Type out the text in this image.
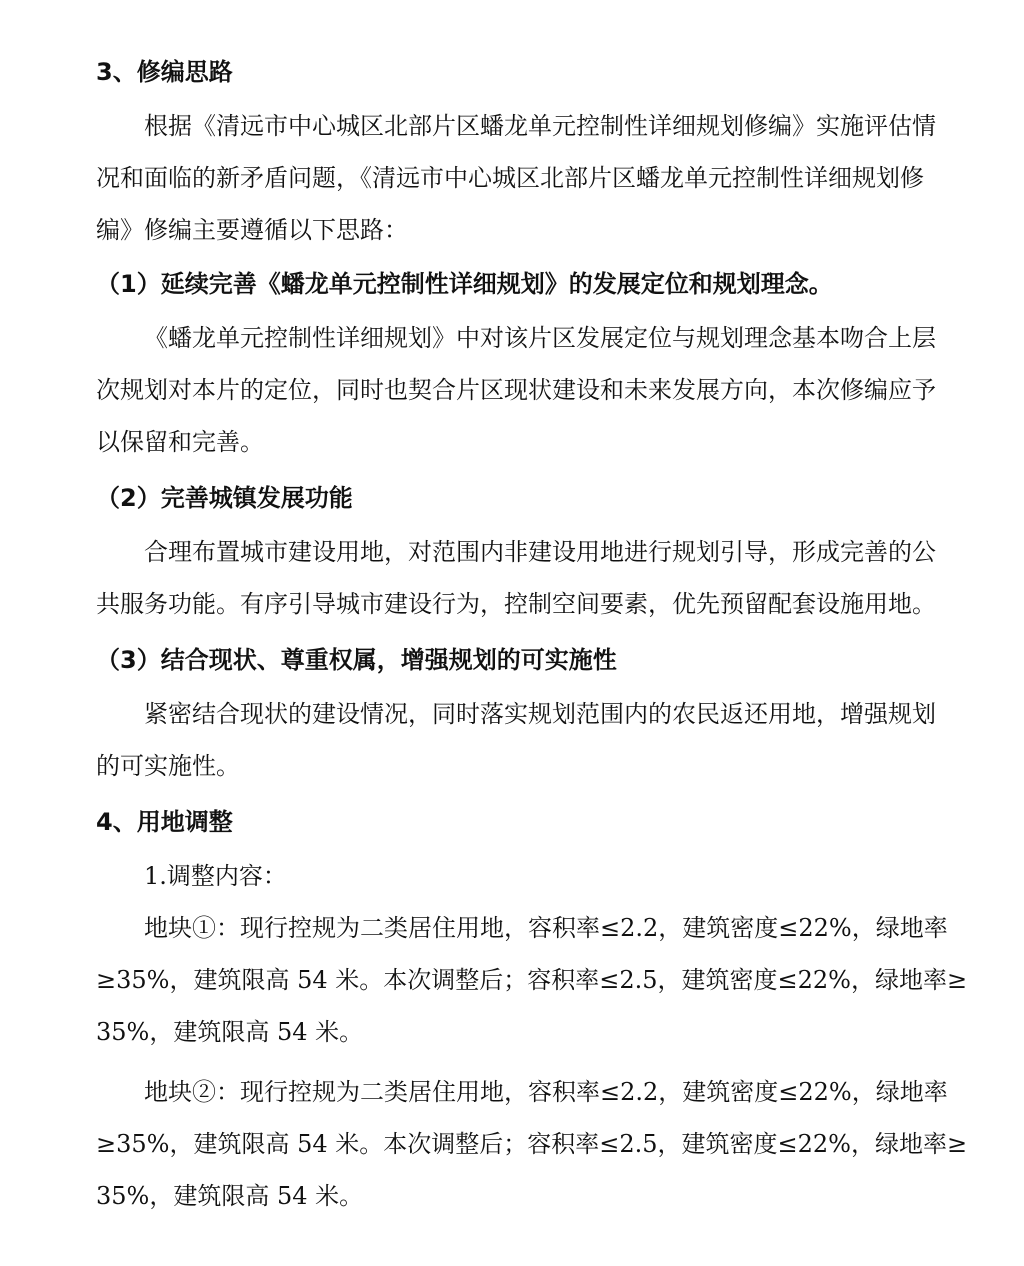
3、修编思路
根据《清远市中心城区北部片区蟠龙单元控制性详细规划修编》实施评估情
况和面临的新矛盾问题，《清远市中心城区北部片区蟠龙单元控制性详细规划修
编》修编主要遵循以下思路：
（1）延续完善《蟠龙单元控制性详细规划》的发展定位和规划理念。
《蟠龙单元控制性详细规划》中对该片区发展定位与规划理念基本吻合上层
次规划对本片的定位，同时也契合片区现状建设和未来发展方向，本次修编应予
以保留和完善。
（2）完善城镇发展功能
合理布置城市建设用地，对范围内非建设用地进行规划引导，形成完善的公
共服务功能。有序引导城市建设行为，控制空间要素，优先预留配套设施用地。
（3）结合现状、尊重权属，增强规划的可实施性
紧密结合现状的建设情况，同时落实规划范围内的农民返还用地，增强规划
的可实施性。
4、用地调整
1.调整内容：
地块①：现行控规为二类居住用地，容积率≤2.2，建筑密度≤22%，绿地率
≥35%，建筑限高 54 米。本次调整后；容积率≤2.5，建筑密度≤22%，绿地率≥
35%，建筑限高 54 米。
地块②：现行控规为二类居住用地，容积率≤2.2，建筑密度≤22%，绿地率
≥35%，建筑限高 54 米。本次调整后；容积率≤2.5，建筑密度≤22%，绿地率≥
35%，建筑限高 54 米。
